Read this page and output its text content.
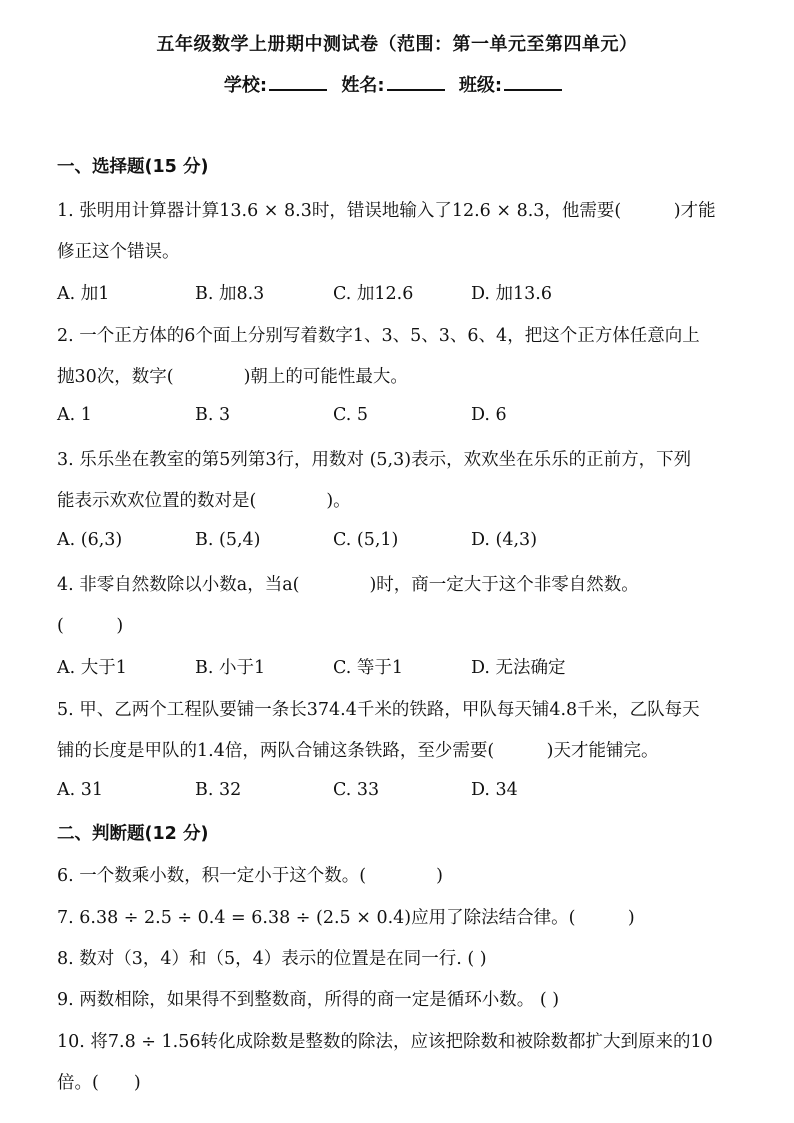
五年级数学上册期中测试卷（范围：第一单元至第四单元）
学校:	姓名:	班级:
一、选择题(15 分)
1. 张明用计算器计算13.6 × 8.3时，错误地输入了12.6 × 8.3，他需要(　　　)才能
修正这个错误。
A. 加1	B. 加8.3	C. 加12.6	D. 加13.6
2. 一个正方体的6个面上分别写着数字1、3、5、3、6、4，把这个正方体任意向上
抛30次，数字(　　　　)朝上的可能性最大。
A. 1	B. 3	C. 5	D. 6
3. 乐乐坐在教室的第5列第3行，用数对 (5,3)表示，欢欢坐在乐乐的正前方，下列
能表示欢欢位置的数对是(　　　　)。
A. (6,3)	B. (5,4)	C. (5,1)	D. (4,3)
4. 非零自然数除以小数a，当a(　　　　)时，商一定大于这个非零自然数。
(　　　)
A. 大于1	B. 小于1	C. 等于1	D. 无法确定
5. 甲、乙两个工程队要铺一条长374.4千米的铁路，甲队每天铺4.8千米，乙队每天
铺的长度是甲队的1.4倍，两队合铺这条铁路，至少需要(　　　)天才能铺完。
A. 31	B. 32	C. 33	D. 34
二、判断题(12 分)
6. 一个数乘小数，积一定小于这个数。(　　　　)
7. 6.38 ÷ 2.5 ÷ 0.4 = 6.38 ÷ (2.5 × 0.4)应用了除法结合律。(　　　)
8. 数对（3，4）和（5，4）表示的位置是在同一行. ( )
9. 两数相除，如果得不到整数商，所得的商一定是循环小数。 ( )
10. 将7.8 ÷ 1.56转化成除数是整数的除法，应该把除数和被除数都扩大到原来的10
倍。(　　)
